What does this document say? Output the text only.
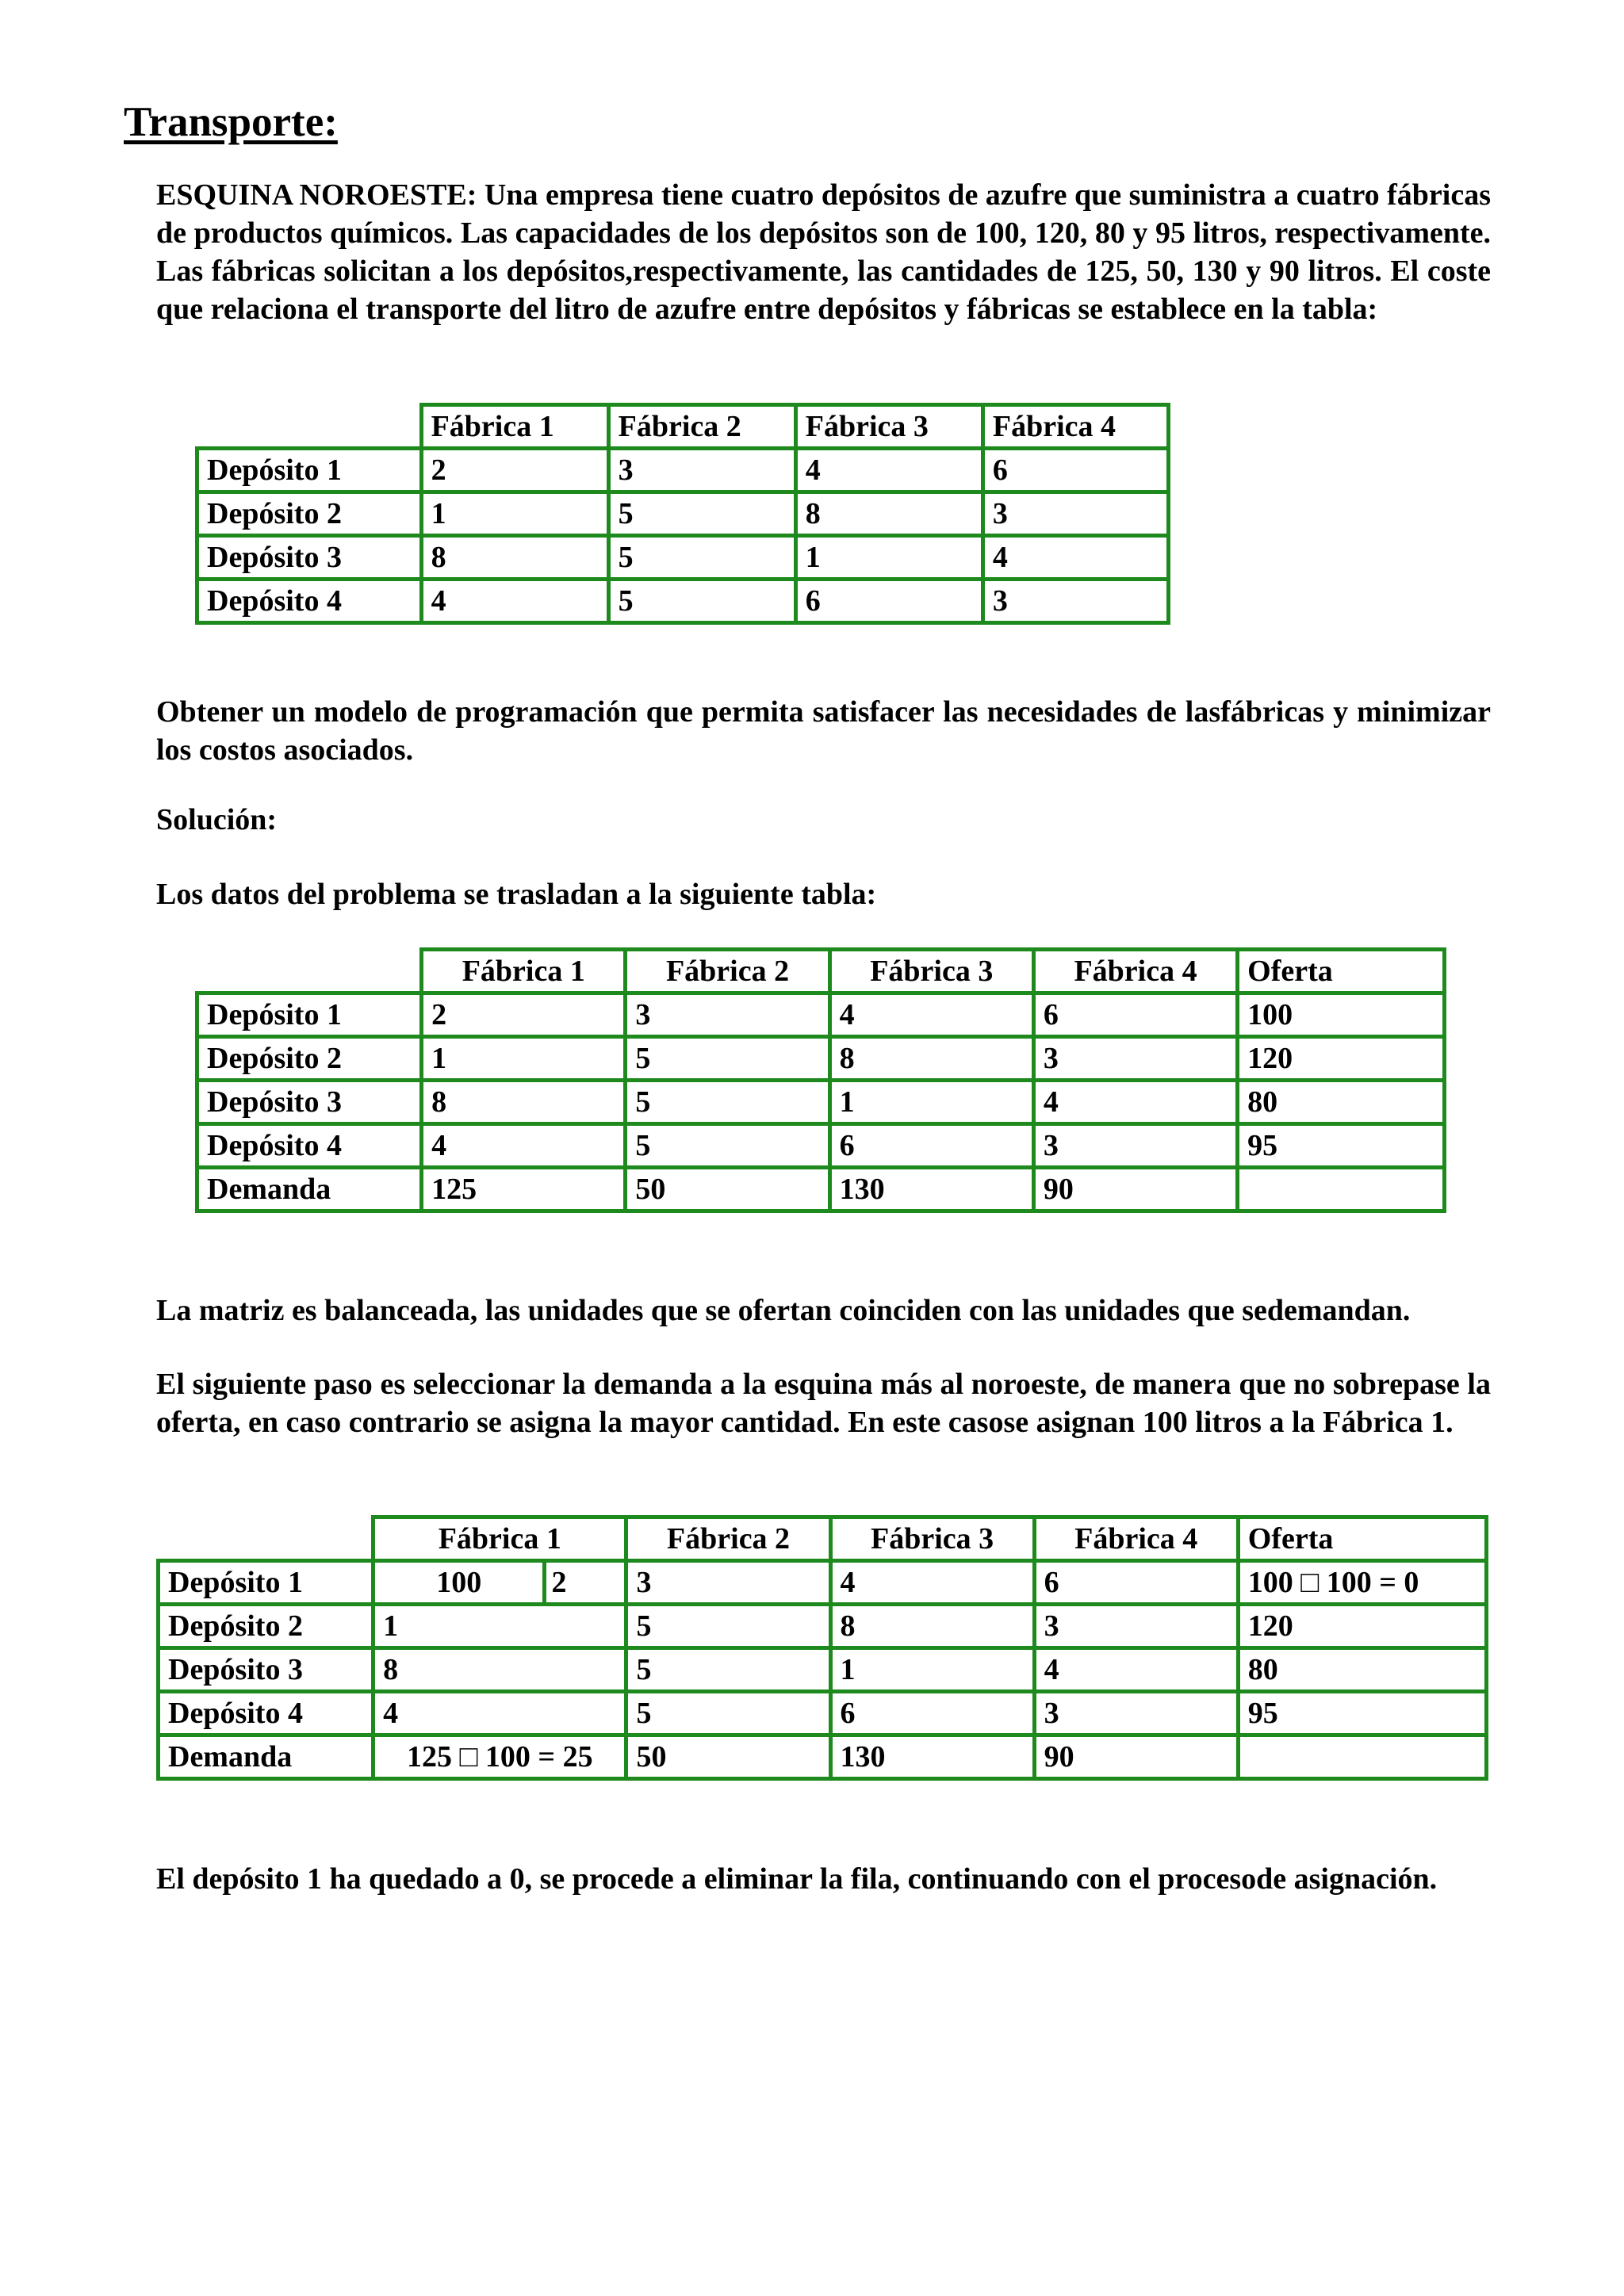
Transporte:
ESQUINA NOROESTE: Una empresa tiene cuatro depósitos de azufre que suministra a cuatro fábricas de productos químicos. Las capacidades de los depósitos son de 100, 120, 80 y 95 litros, respectivamente. Las fábricas solicitan a los depósitos,respectivamente, las cantidades de 125, 50, 130 y 90 litros. El coste que relaciona el transporte del litro de azufre entre depósitos y fábricas se establece en la tabla:
	Fábrica 1	Fábrica 2	Fábrica 3	Fábrica 4
Depósito 1	2	3	4	6
Depósito 2	1	5	8	3
Depósito 3	8	5	1	4
Depósito 4	4	5	6	3
Obtener un modelo de programación que permita satisfacer las necesidades de lasfábricas y minimizar los costos asociados.
Solución:
Los datos del problema se trasladan a la siguiente tabla:
	Fábrica 1	Fábrica 2	Fábrica 3	Fábrica 4	Oferta
Depósito 1	2	3	4	6	100
Depósito 2	1	5	8	3	120
Depósito 3	8	5	1	4	80
Depósito 4	4	5	6	3	95
Demanda	125	50	130	90	
La matriz es balanceada, las unidades que se ofertan coinciden con las unidades que sedemandan.
El siguiente paso es seleccionar la demanda a la esquina más al noroeste, de manera que no sobrepase la oferta, en caso contrario se asigna la mayor cantidad. En este casose asignan 100 litros a la Fábrica 1.
	Fábrica 1	Fábrica 2	Fábrica 3	Fábrica 4	Oferta
Depósito 1	100 2	3	4	6	100 □ 100 = 0
Depósito 2	1	5	8	3	120
Depósito 3	8	5	1	4	80
Depósito 4	4	5	6	3	95
Demanda	125 □ 100 = 25	50	130	90	
El depósito 1 ha quedado a 0, se procede a eliminar la fila, continuando con el procesode asignación.
